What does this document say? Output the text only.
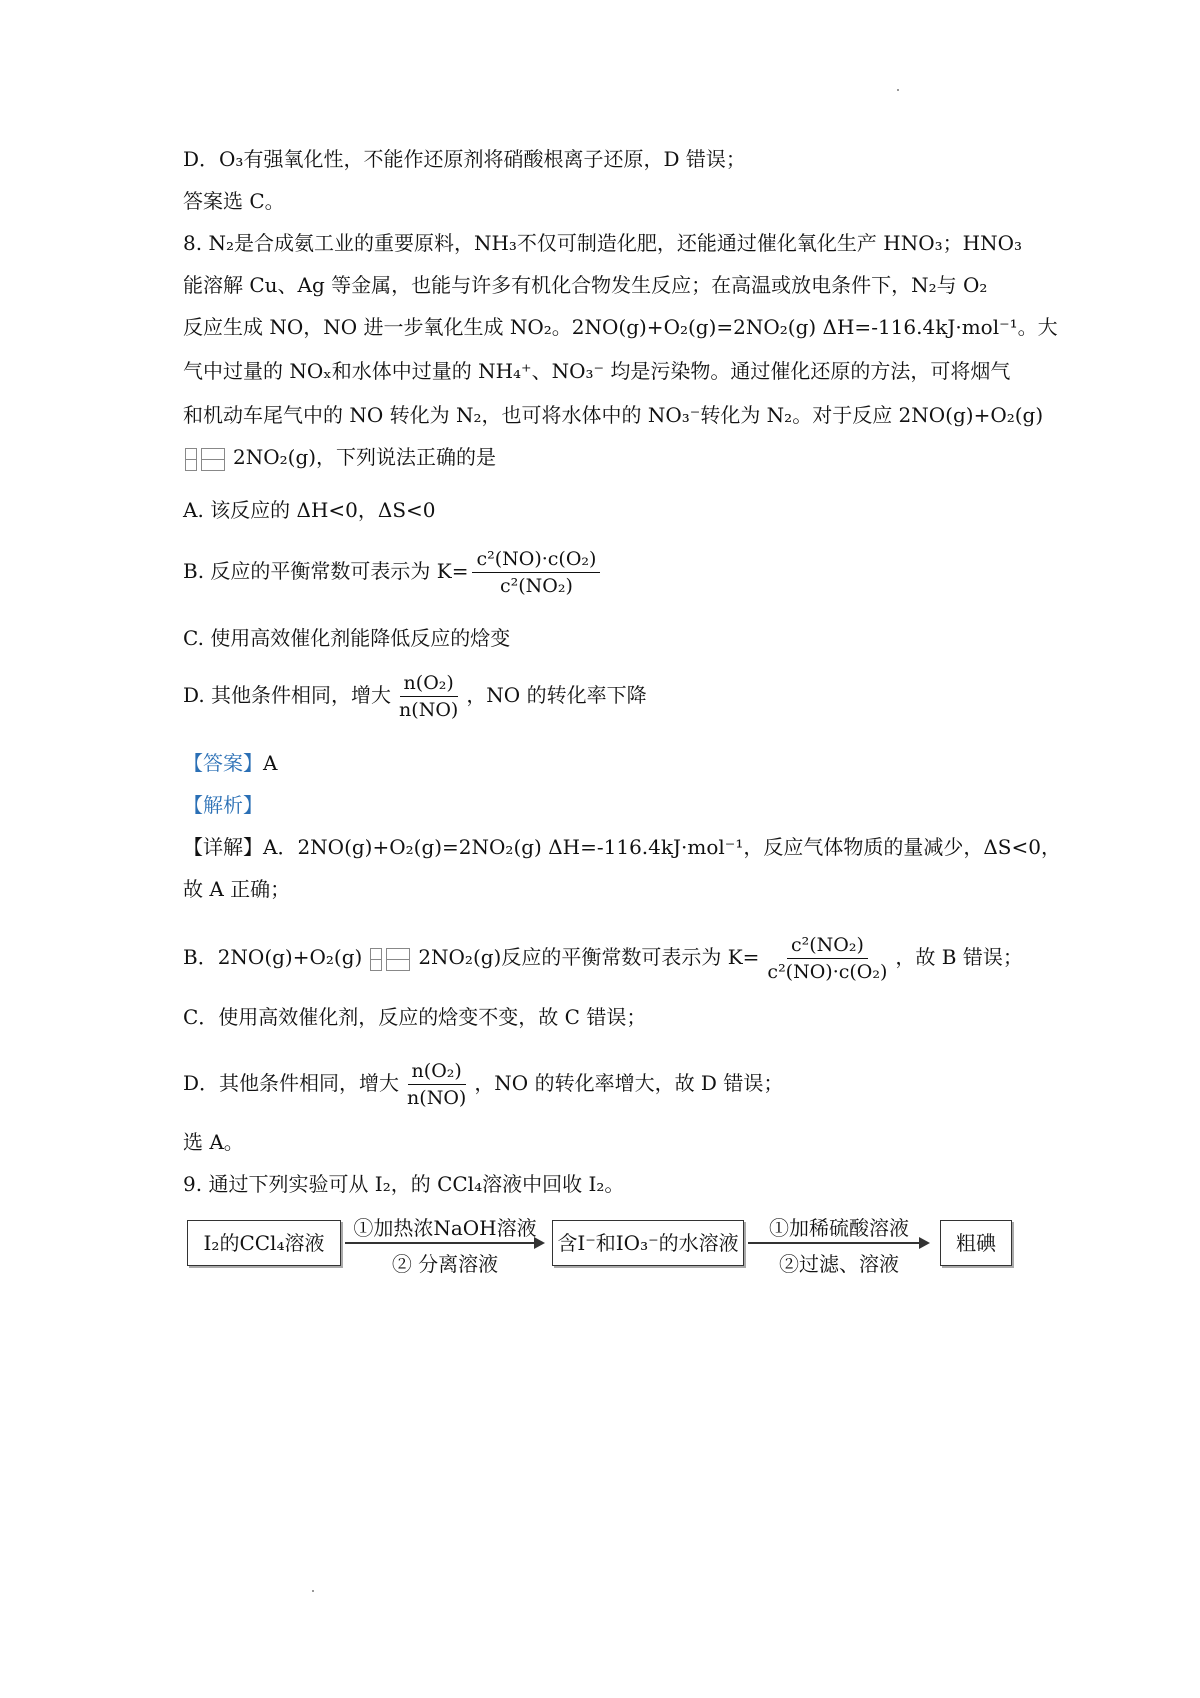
D．O₃有强氧化性，不能作还原剂将硝酸根离子还原，D 错误；
答案选 C。
8. N₂是合成氨工业的重要原料，NH₃不仅可制造化肥，还能通过催化氧化生产 HNO₃；HNO₃
能溶解 Cu、Ag 等金属，也能与许多有机化合物发生反应；在高温或放电条件下，N₂与 O₂
反应生成 NO，NO 进一步氧化生成 NO₂。2NO(g)+O₂(g)=2NO₂(g) ΔH=-116.4kJ·mol⁻¹。大
气中过量的 NOₓ和水体中过量的 NH₄⁺、NO₃⁻ 均是污染物。通过催化还原的方法，可将烟气
和机动车尾气中的 NO 转化为 N₂，也可将水体中的 NO₃⁻转化为 N₂。对于反应 2NO(g)+O₂(g)
2NO₂(g)，下列说法正确的是
A. 该反应的 ΔH<0，ΔS<0
B. 反应的平衡常数可表示为 $K= \frac{\text{c²(NO)·c(O₂)}}{\text{c²(NO₂)}}$
C. 使用高效催化剂能降低反应的焓变
D. 其他条件相同，增大 $\frac{\text{n(O₂)}}{n(NO)}$ ，NO 的转化率下降
【答案】A
【解析】
【详解】A．2NO(g)+O₂(g)=2NO₂(g) ΔH=-116.4kJ·mol⁻¹，反应气体物质的量减少，ΔS<0，
故 A 正确；
B．2NO(g)+O₂(g)	2NO₂(g)反应的平衡常数可表示为 $K= \frac{\text{c²(NO₂)}}{\text{c²(NO)·c(O₂)}}$ ，故 B 错误；
C．使用高效催化剂，反应的焓变不变，故 C 错误；
D．其他条件相同，增大 $\frac{\text{n(O₂)}}{n(NO)}$ ，NO 的转化率增大，故 D 错误；
选 A。
9. 通过下列实验可从 I₂，的 CCl₄溶液中回收 I₂。
I₂的CCl₄溶液
①加热浓NaOH溶液
② 分离溶液
含I⁻和IO₃⁻的水溶液
①加稀硫酸溶液
②过滤、溶液
粗碘
